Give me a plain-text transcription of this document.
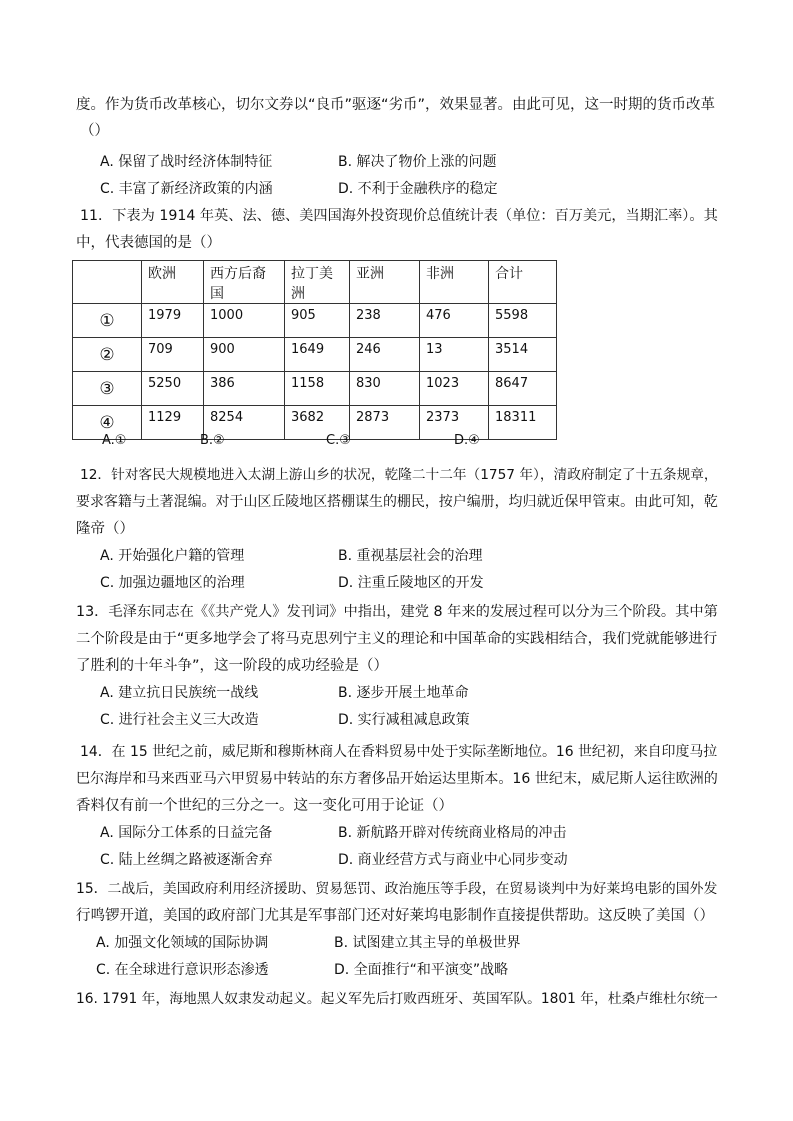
度。作为货币改革核心，切尔文券以“良币”驱逐“劣币”，效果显著。由此可见，这一时期的货币改革
（）
A. 保留了战时经济体制特征	B. 解决了物价上涨的问题
C. 丰富了新经济政策的内涵	D. 不利于金融秩序的稳定
11．下表为 1914 年英、法、德、美四国海外投资现价总值统计表（单位：百万美元，当期汇率）。其
中，代表德国的是（）
	欧洲	西方后裔国	拉丁美洲	亚洲	非洲	合计
①	1979	1000	905	238	476	5598
②	709	900	1649	246	13	3514
③	5250	386	1158	830	1023	8647
④	1129	8254	3682	2873	2373	18311
A.①	B.②	C.③	D.④
12．针对客民大规模地进入太湖上游山乡的状况，乾隆二十二年（1757 年），清政府制定了十五条规章，
要求客籍与土著混编。对于山区丘陵地区搭棚谋生的棚民，按户编册，均归就近保甲管束。由此可知，乾
隆帝（）
A. 开始强化户籍的管理	B. 重视基层社会的治理
C. 加强边疆地区的治理	D. 注重丘陵地区的开发
13．毛泽东同志在《《共产党人》发刊词》中指出，建党 8 年来的发展过程可以分为三个阶段。其中第
二个阶段是由于“更多地学会了将马克思列宁主义的理论和中国革命的实践相结合，我们党就能够进行
了胜利的十年斗争”，这一阶段的成功经验是（）
A. 建立抗日民族统一战线	B. 逐步开展土地革命
C. 进行社会主义三大改造	D. 实行减租减息政策
14．在 15 世纪之前，威尼斯和穆斯林商人在香料贸易中处于实际垄断地位。16 世纪初，来自印度马拉
巴尔海岸和马来西亚马六甲贸易中转站的东方奢侈品开始运达里斯本。16 世纪末，威尼斯人运往欧洲的
香料仅有前一个世纪的三分之一。这一变化可用于论证（）
A. 国际分工体系的日益完备	B. 新航路开辟对传统商业格局的冲击
C. 陆上丝绸之路被逐渐舍弃	D. 商业经营方式与商业中心同步变动
15．二战后，美国政府利用经济援助、贸易惩罚、政治施压等手段，在贸易谈判中为好莱坞电影的国外发
行鸣锣开道，美国的政府部门尤其是军事部门还对好莱坞电影制作直接提供帮助。这反映了美国（）
A. 加强文化领域的国际协调	B. 试图建立其主导的单极世界
C. 在全球进行意识形态渗透	D. 全面推行“和平演变”战略
16. 1791 年，海地黑人奴隶发动起义。起义军先后打败西班牙、英国军队。1801 年，杜桑卢维杜尔统一
